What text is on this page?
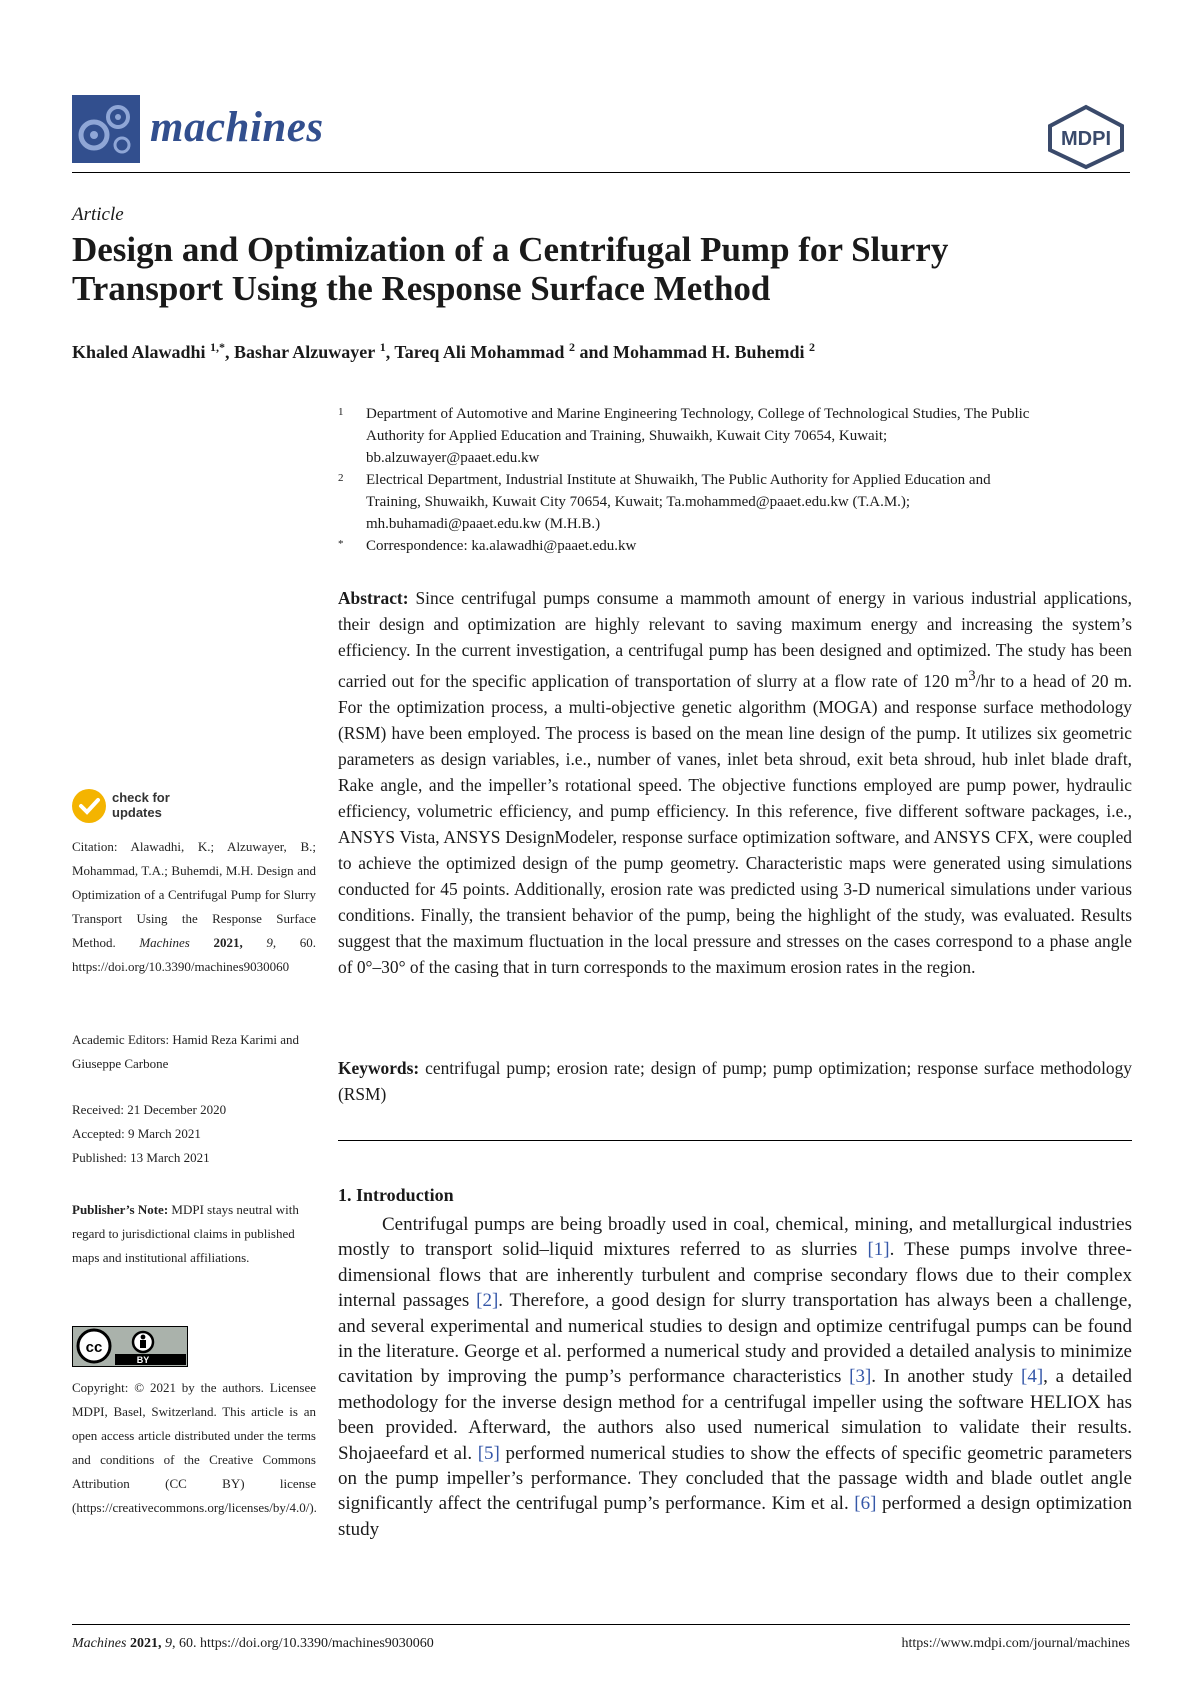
machines	MDPI
Article
Design and Optimization of a Centrifugal Pump for Slurry
Transport Using the Response Surface Method
Khaled Alawadhi $^{1,*}$, Bashar Alzuwayer $^1$, Tareq Ali Mohammad $^2$ and Mohammad H. Buhemdi $^2$
1 Department of Automotive and Marine Engineering Technology, College of Technological Studies, The Public
Authority for Applied Education and Training, Shuwaikh, Kuwait City 70654, Kuwait;
bb.alzuwayer@paaet.edu.kw
2 Electrical Department, Industrial Institute at Shuwaikh, The Public Authority for Applied Education and
Training, Shuwaikh, Kuwait City 70654, Kuwait; Ta.mohammed@paaet.edu.kw (T.A.M.);
mh.buhamadi@paaet.edu.kw (M.H.B.)
* Correspondence: ka.alawadhi@paaet.edu.kw
Abstract: Since centrifugal pumps consume a mammoth amount of energy in various industrial applications, their design and optimization are highly relevant to saving maximum energy and increasing the system’s efficiency. In the current investigation, a centrifugal pump has been designed and optimized. The study has been carried out for the specific application of transportation of slurry at a flow rate of 120 $m^3/hr$ to a head of 20 m. For the optimization process, a multi-objective genetic algorithm (MOGA) and response surface methodology (RSM) have been employed. The process is based on the mean line design of the pump. It utilizes six geometric parameters as design variables, i.e., number of vanes, inlet beta shroud, exit beta shroud, hub inlet blade draft, Rake angle, and the impeller’s rotational speed. The objective functions employed are pump power, hydraulic efficiency, volumetric efficiency, and pump efficiency. In this reference, five different software packages, i.e., ANSYS Vista, ANSYS DesignModeler, response surface optimization software, and ANSYS CFX, were coupled to achieve the optimized design of the pump geometry. Characteristic maps were generated using simulations conducted for 45 points. Additionally, erosion rate was predicted using 3-D numerical simulations under various conditions. Finally, the transient behavior of the pump, being the highlight of the study, was evaluated. Results suggest that the maximum fluctuation in the local pressure and stresses on the cases correspond to a phase angle of 0°–30° of the casing that in turn corresponds to the maximum erosion rates in the region.
Keywords: centrifugal pump; erosion rate; design of pump; pump optimization; response surface methodology (RSM)
1. Introduction

Centrifugal pumps are being broadly used in coal, chemical, mining, and metallurgical industries mostly to transport solid–liquid mixtures referred to as slurries [1]. These pumps involve three-dimensional flows that are inherently turbulent and comprise secondary flows due to their complex internal passages [2]. Therefore, a good design for slurry transportation has always been a challenge, and several experimental and numerical studies to design and optimize centrifugal pumps can be found in the literature. George et al. performed a numerical study and provided a detailed analysis to minimize cavitation by improving the pump’s performance characteristics [3]. In another study [4], a detailed methodology for the inverse design method for a centrifugal impeller using the software HELIOX has been provided. Afterward, the authors also used numerical simulation to validate their results. Shojaeefard et al. [5] performed numerical studies to show the effects of specific geometric parameters on the pump impeller’s performance. They concluded that the passage width and blade outlet angle significantly affect the centrifugal pump’s performance. Kim et al. [6] performed a design optimization study

check for
updates
Citation: Alawadhi, K.; Alzuwayer, B.; Mohammad, T.A.; Buhemdi, M.H. Design and Optimization of a Centrifugal Pump for Slurry Transport Using the Response Surface Method. Machines 2021, 9, 60. https://doi.org/10.3390/machines9030060
Academic Editors: Hamid Reza Karimi and Giuseppe Carbone
Received: 21 December 2020
Accepted: 9 March 2021
Published: 13 March 2021
Publisher’s Note: MDPI stays neutral with regard to jurisdictional claims in published maps and institutional affiliations.
cc
BY
Copyright: © 2021 by the authors. Licensee MDPI, Basel, Switzerland. This article is an open access article distributed under the terms and conditions of the Creative Commons Attribution (CC BY) license (https://creativecommons.org/licenses/by/4.0/).
Machines 2021, 9, 60. https://doi.org/10.3390/machines9030060	https://www.mdpi.com/journal/machines
